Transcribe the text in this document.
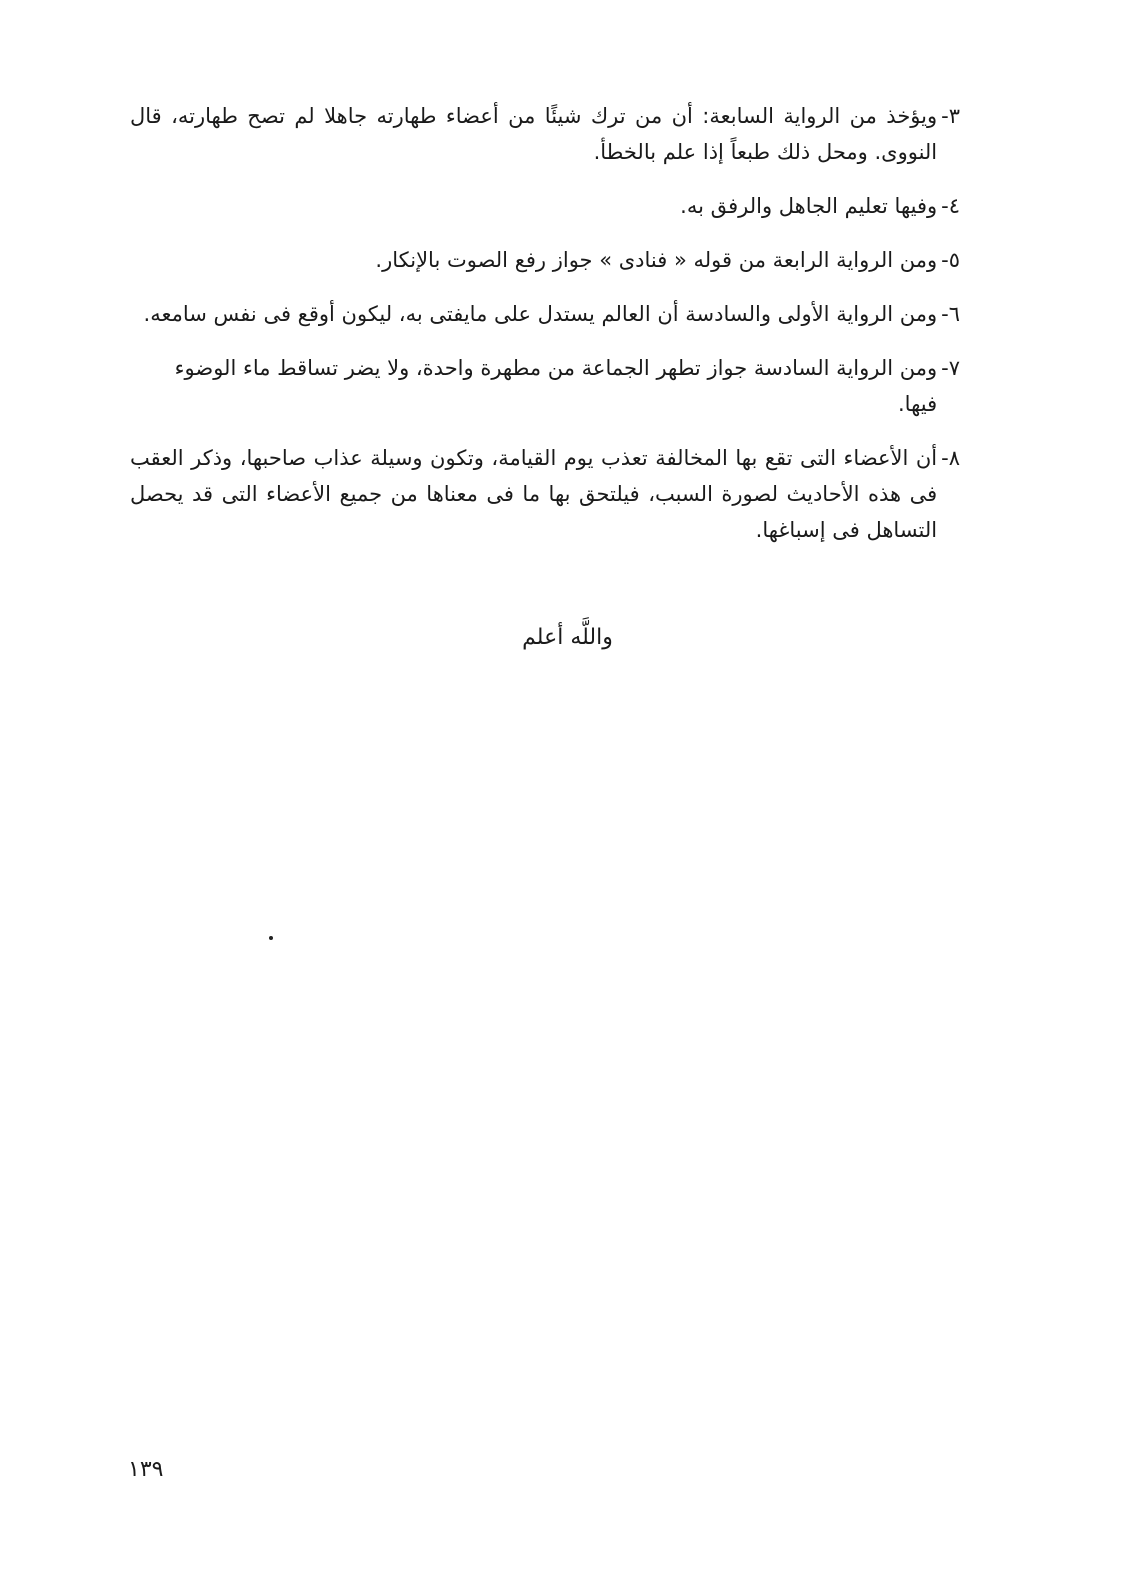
٣-
ويؤخذ من الرواية السابعة: أن من ترك شيئًا من أعضاء طهارته جاهلا لم تصح طهارته، قال النووى. ومحل ذلك طبعاً إذا علم بالخطأ.
٤-
وفيها تعليم الجاهل والرفق به.
٥-
ومن الرواية الرابعة من قوله « فنادى » جواز رفع الصوت بالإنكار.
٦-
ومن الرواية الأولى والسادسة أن العالم يستدل على مايفتى به، ليكون أوقع فى نفس سامعه.
٧-
ومن الرواية السادسة جواز تطهر الجماعة من مطهرة واحدة، ولا يضر تساقط ماء الوضوء فيها.
٨-
أن الأعضاء التى تقع بها المخالفة تعذب يوم القيامة، وتكون وسيلة عذاب صاحبها، وذكر العقب فى هذه الأحاديث لصورة السبب، فيلتحق بها ما فى معناها من جميع الأعضاء التى قد يحصل التساهل فى إسباغها.
واللَّه أعلم
١٣٩
